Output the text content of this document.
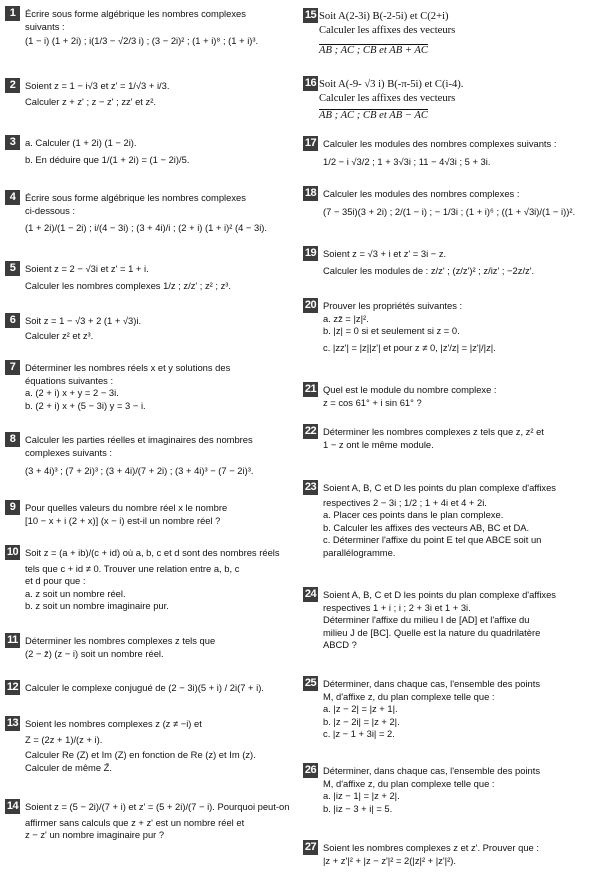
1	Écrire sous forme algébrique les nombres complexes
suivants :
(1 − i) (1 + 2i) ; i(1/3 − √2/3 i) ; (3 − 2i)² ; (1 + i)⁸ ; (1 + i)³.
2	Soient z = 1 − i√3 et z' = 1/√3 + i/3.
Calculer z + z' ; z − z' ; zz' et z².
3	a. Calculer (1 + 2i) (1 − 2i).
b. En déduire que 1/(1 + 2i) = (1 − 2i)/5.
4	Écrire sous forme algébrique les nombres complexes
ci-dessous :
(1 + 2i)/(1 − 2i) ; i/(4 − 3i) ; (3 + 4i)/i ; (2 + i) (1 + i)² (4 − 3i).
5	Soient z = 2 − √3i et z' = 1 + i.
Calculer les nombres complexes 1/z ; z/z' ; z² ; z³.
6	Soit z = 1 − √3 + 2 (1 + √3)i.
Calculer z² et z³.
7	Déterminer les nombres réels x et y solutions des
équations suivantes :
a. (2 + i) x + y = 2 − 3i.
b. (2 + i) x + (5 − 3i) y = 3 − i.
8	Calculer les parties réelles et imaginaires des nombres
complexes suivants :
(3 + 4i)³ ; (7 + 2i)³ ; (3 + 4i)/(7 + 2i) ; (3 + 4i)³ − (7 − 2i)³.
9	Pour quelles valeurs du nombre réel x le nombre
[10 − x + i (2 + x)] (x − i) est-il un nombre réel ?
10 Soit z = (a + ib)/(c + id) où a, b, c et d sont des nombres réels
tels que c + id ≠ 0. Trouver une relation entre a, b, c
et d pour que :
a. z soit un nombre réel.
b. z soit un nombre imaginaire pur.
11 Déterminer les nombres complexes z tels que
(2 − z̄) (z − i) soit un nombre réel.
12 Calculer le complexe conjugué de (2 − 3i)(5 + i) / 2i(7 + i).
13 Soient les nombres complexes z (z ≠ −i) et
Z = (2z + 1)/(z + i).
Calculer Re (Z) et Im (Z) en fonction de Re (z) et Im (z).
Calculer de même Z̄.
14 Soient z = (5 − 2i)/(7 + i) et z' = (5 + 2i)/(7 − i). Pourquoi peut-on
affirmer sans calculs que z + z' est un nombre réel et
z − z' un nombre imaginaire pur ?
15 Soit A(2-3i) B(-2-5i) et C(2+i)
Calculer les affixes des vecteurs
AB ; AC ; CB et AB + AC
16 Soit A(-9- √3 i) B(-π-5i) et C(i-4).
Calculer les affixes des vecteurs
AB ; AC ; CB et AB − AC
17 Calculer les modules des nombres complexes suivants :
1/2 − i √3/2 ; 1 + 3√3i ; 11 − 4√3i ; 5 + 3i.
18 Calculer les modules des nombres complexes :
(7 − 35i)(3 + 2i) ; 2/(1 − i) ; − 1/3i ; (1 + i)⁶ ; ((1 + √3i)/(1 − i))².
19 Soient z = √3 + i et z' = 3i − z.
Calculer les modules de : z/z' ; (z/z')² ; z/iz' ; −2z/z'.
20 Prouver les propriétés suivantes :
a. zz̄ = |z|².
b. |z| = 0 si et seulement si z = 0.
c. |zz'| = |z||z'| et pour z ≠ 0, |z'/z| = |z'|/|z|.
21 Quel est le module du nombre complexe :
z = cos 61° + i sin 61° ?
22 Déterminer les nombres complexes z tels que z, z² et
1 − z ont le même module.
23 Soient A, B, C et D les points du plan complexe d'affixes
respectives 2 − 3i ; 1/2 ; 1 + 4i et 4 + 2i.
a. Placer ces points dans le plan complexe.
b. Calculer les affixes des vecteurs AB, BC et DA.
c. Déterminer l'affixe du point E tel que ABCE soit un
parallélogramme.
24 Soient A, B, C et D les points du plan complexe d'affixes
respectives 1 + i ; i ; 2 + 3i et 1 + 3i.
Déterminer l'affixe du milieu I de [AD] et l'affixe du
milieu J de [BC]. Quelle est la nature du quadrilatère
ABCD ?
25 Déterminer, dans chaque cas, l'ensemble des points
M, d'affixe z, du plan complexe telle que :
a. |z − 2| = |z + 1|.
b. |z − 2i| = |z + 2|.
c. |z − 1 + 3i| = 2.
26 Déterminer, dans chaque cas, l'ensemble des points
M, d'affixe z, du plan complexe telle que :
a. |iz − 1| = |z + 2|.
b. |iz − 3 + i| = 5.
27 Soient les nombres complexes z et z'. Prouver que :
|z + z'|² + |z − z'|² = 2(|z|² + |z'|²).
